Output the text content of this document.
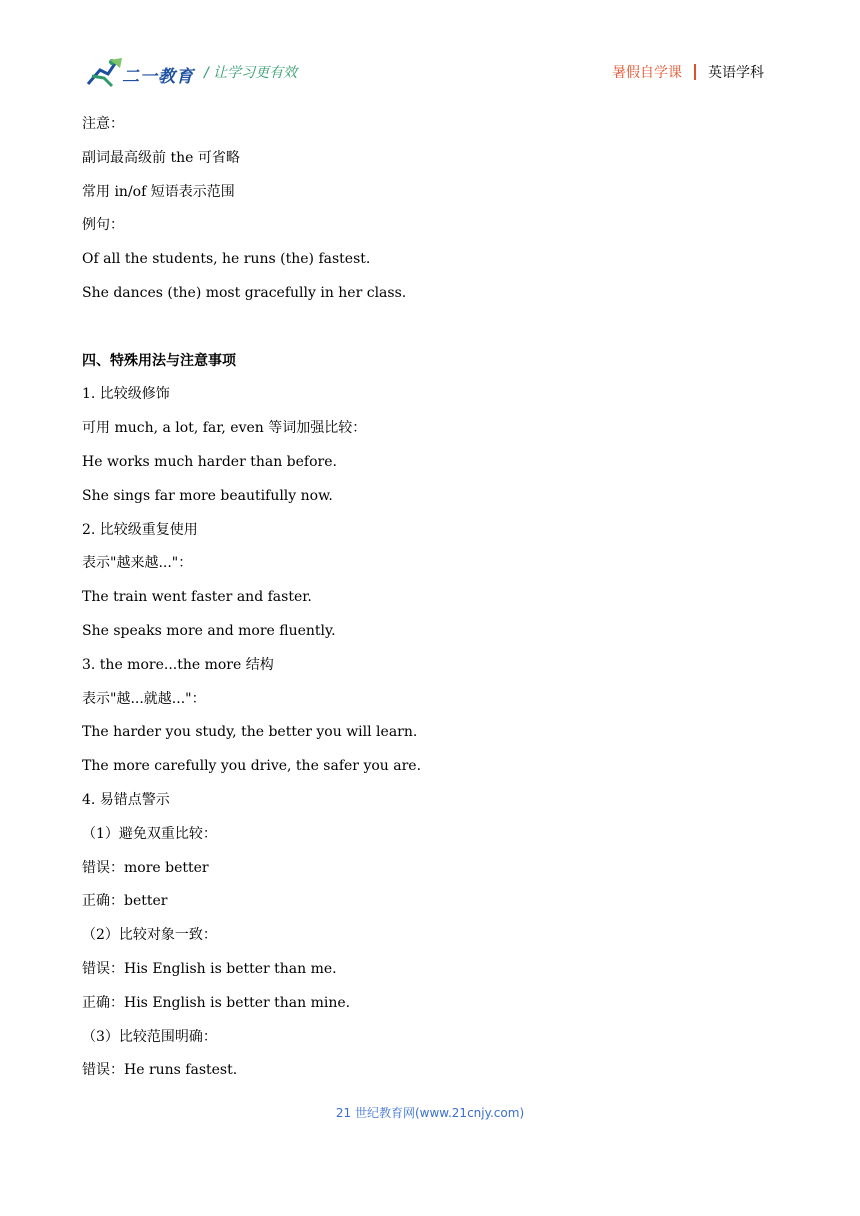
二一教育 / 让学习更有效	暑假自学课 英语学科
注意：
副词最高级前 the 可省略
常用 in/of 短语表示范围
例句：
Of all the students, he runs (the) fastest.
She dances (the) most gracefully in her class.
四、特殊用法与注意事项
1. 比较级修饰
可用 much, a lot, far, even 等词加强比较：
He works much harder than before.
She sings far more beautifully now.
2. 比较级重复使用
表示"越来越..."：
The train went faster and faster.
She speaks more and more fluently.
3. the more...the more 结构
表示"越...就越..."：
The harder you study, the better you will learn.
The more carefully you drive, the safer you are.
4. 易错点警示
（1）避免双重比较：
错误：more better
正确：better
（2）比较对象一致：
错误：His English is better than me.
正确：His English is better than mine.
（3）比较范围明确：
错误：He runs fastest.
21 世纪教育网(www.21cnjy.com)
